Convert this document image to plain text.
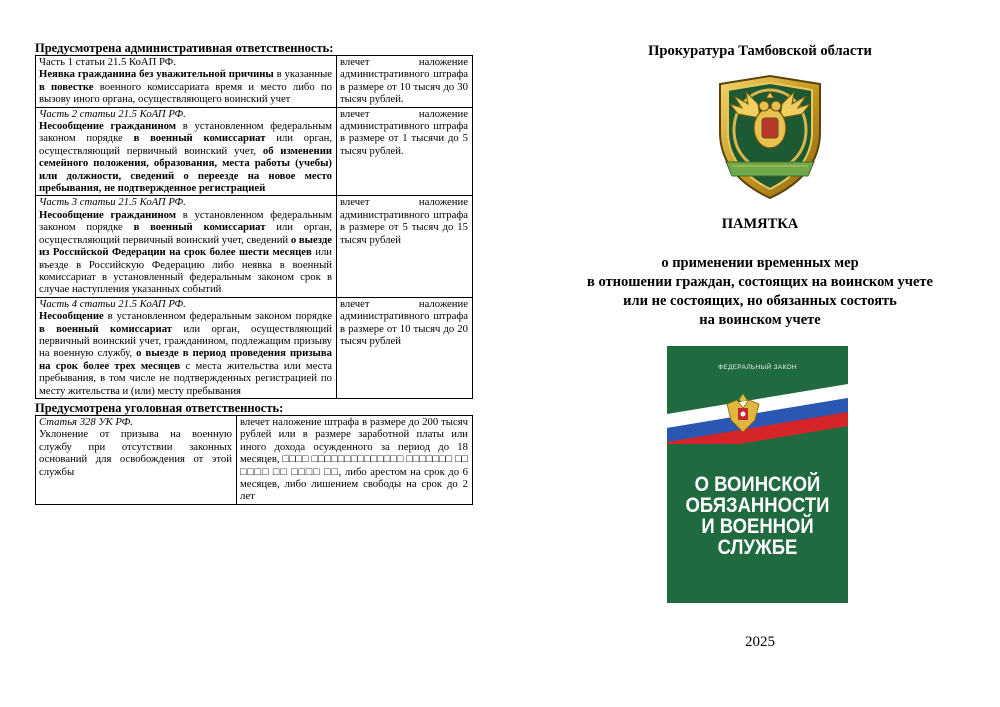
Предусмотрена административная ответственность:
Часть 1 статьи 21.5 КоАП РФ.
Неявка гражданина без уважительной причины в указанные в повестке военного комиссариата время и место либо по вызову иного органа, осуществляющего воинский учет	влечет наложение административного штрафа в размере от 10 тысяч до 30 тысяч рублей.

Часть 2 статьи 21.5 КоАП РФ.
Несообщение гражданином в установленном федеральным законом порядке в военный комиссариат или орган, осуществляющий первичный воинский учет, об изменении семейного положения, образования, места работы (учебы) или должности, сведений о переезде на новое место пребывания, не подтвержденное регистрацией	влечет наложение административного штрафа в размере от 1 тысячи до 5 тысяч рублей.

Часть 3 статьи 21.5 КоАП РФ.
Несообщение гражданином в установленном федеральным законом порядке в военный комиссариат или орган, осуществляющий первичный воинский учет, сведений о выезде из Российской Федерации на срок более шести месяцев или въезде в Российскую Федерацию либо неявка в военный комиссариат в установленный федеральным законом срок в случае наступления указанных событий	влечет наложение административного штрафа в размере от 5 тысяч до 15 тысяч рублей

Часть 4 статьи 21.5 КоАП РФ.
Несообщение в установленном федеральным законом порядке в военный комиссариат или орган, осуществляющий первичный воинский учет, гражданином, подлежащим призыву на военную службу, о выезде в период проведения призыва на срок более трех месяцев с места жительства или места пребывания, в том числе не подтвержденных регистрацией по месту жительства и (или) месту пребывания	влечет наложение административного штрафа в размере от 10 тысяч до 20 тысяч рублей
Предусмотрена уголовная ответственность:
Статья 328 УК РФ.
Уклонение от призыва на военную службу при отсутствии законных оснований для освобождения от этой службы	влечет наложение штрафа в размере до 200 тысяч рублей или в размере заработной платы или иного дохода осужденного за период до 18 месяцев, □□□□ □□□□□□□□□□□□□□ □□□□□□□ □□ □□□□ □□ □□□□ □□, либо арестом на срок до 6 месяцев, либо лишением свободы на срок до 2 лет
Прокуратура Тамбовской области
ПАМЯТКА
о применении временных мер
в отношении граждан, состоящих на воинском учете
или не состоящих, но обязанных состоять
на воинском учете
ФЕДЕРАЛЬНЫЙ ЗАКОН
О ВОИНСКОЙ
ОБЯЗАННОСТИ
И ВОЕННОЙ
СЛУЖБЕ
2025
